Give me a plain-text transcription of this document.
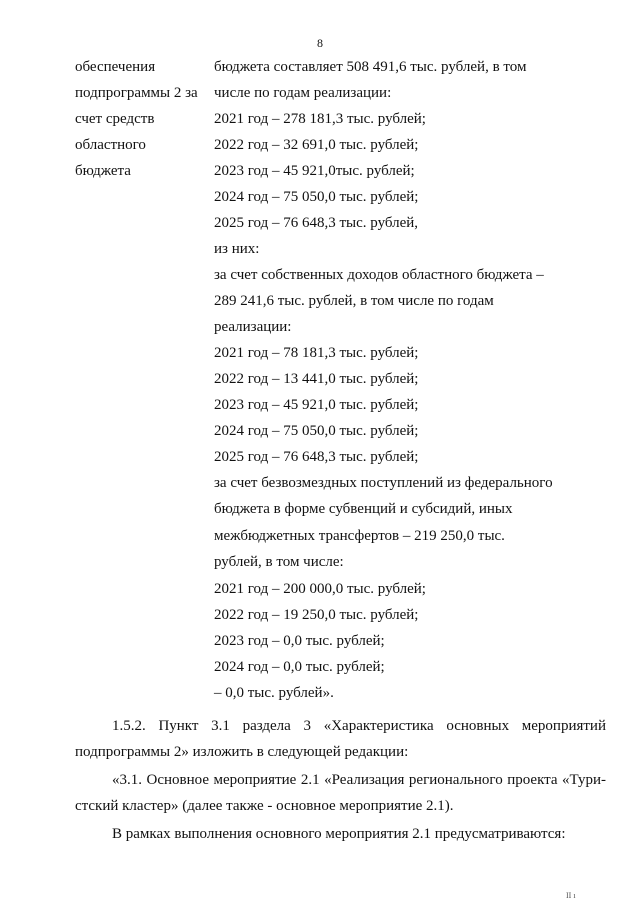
8
обеспечения
подпрограммы 2 за
счет средств
областного
бюджета
бюджета составляет 508 491,6 тыс. рублей, в том
числе по годам реализации:
2021 год – 278 181,3 тыс. рублей;
2022 год – 32 691,0 тыс. рублей;
2023 год – 45 921,0тыс. рублей;
2024 год – 75 050,0 тыс. рублей;
2025 год – 76 648,3 тыс. рублей,
из них:
за счет собственных доходов областного бюджета –
289 241,6 тыс. рублей, в том числе по годам
реализации:
2021 год – 78 181,3 тыс. рублей;
2022 год – 13 441,0 тыс. рублей;
2023 год – 45 921,0 тыс. рублей;
2024 год – 75 050,0 тыс. рублей;
2025 год – 76 648,3 тыс. рублей;
за счет безвозмездных поступлений из федерального
бюджета в форме субвенций и субсидий, иных
межбюджетных трансфертов – 219 250,0 тыс.
рублей, в том числе:
2021 год – 200 000,0 тыс. рублей;
2022 год – 19 250,0 тыс. рублей;
2023 год – 0,0 тыс. рублей;
2024 год – 0,0 тыс. рублей;
– 0,0 тыс. рублей».
1.5.2. Пункт 3.1 раздела 3 «Характеристика основных мероприятий
подпрограммы 2» изложить в следующей редакции:
«3.1. Основное мероприятие 2.1 «Реализация регионального проекта «Тури-
стский кластер» (далее также - основное мероприятие 2.1).
В рамках выполнения основного мероприятия 2.1 предусматриваются:
II ı
